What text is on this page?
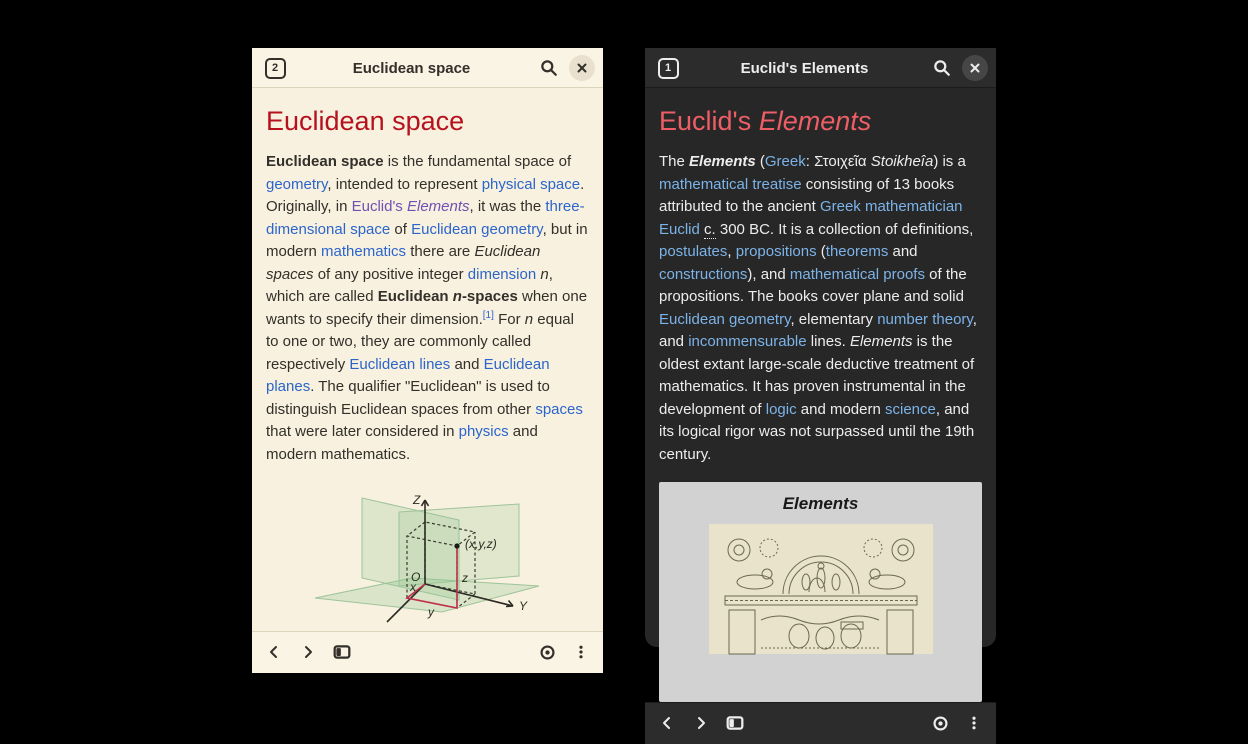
2	Euclidean space
Euclidean space

Euclidean space is the fundamental space of geometry, intended to represent physical space. Originally, in Euclid's Elements, it was the three-dimensional space of Euclidean geometry, but in modern mathematics there are Euclidean spaces of any positive integer dimension n, which are called Euclidean n-spaces when one wants to specify their dimension.[1] For n equal to one or two, they are commonly called respectively Euclidean lines and Euclidean planes. The qualifier "Euclidean" is used to distinguish Euclidean spaces from other spaces that were later considered in physics and modern mathematics.

Z
Y
O
x
y
z
(x,y,z)
1	Euclid's Elements
Euclid's Elements

The Elements (Greek: Στοιχεῖα Stoikheîa) is a mathematical treatise consisting of 13 books attributed to the ancient Greek mathematician Euclid c. 300 BC. It is a collection of definitions, postulates, propositions (theorems and constructions), and mathematical proofs of the propositions. The books cover plane and solid Euclidean geometry, elementary number theory, and incommensurable lines. Elements is the oldest extant large-scale deductive treatment of mathematics. It has proven instrumental in the development of logic and modern science, and its logical rigor was not surpassed until the 19th century.

Elements
